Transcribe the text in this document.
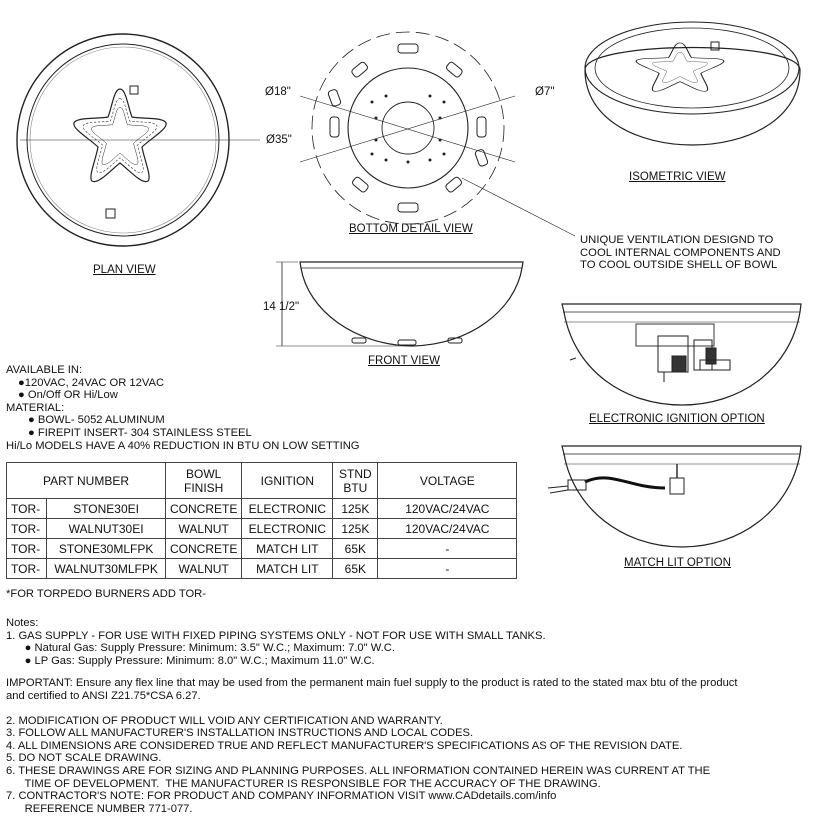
PLAN VIEW
BOTTOM DETAIL VIEW
ISOMETRIC VIEW
FRONT VIEW
ELECTRONIC IGNITION OPTION
MATCH LIT OPTION
Ø18"	Ø7"
Ø35"
14 1/2"
UNIQUE VENTILATION DESIGND TO
COOL INTERNAL COMPONENTS AND
TO COOL OUTSIDE SHELL OF BOWL
AVAILABLE IN:
●120VAC, 24VAC OR 12VAC
● On/Off OR Hi/Low
MATERIAL:
● BOWL- 5052 ALUMINUM
● FIREPIT INSERT- 304 STAINLESS STEEL
Hi/Lo MODELS HAVE A 40% REDUCTION IN BTU ON LOW SETTING
PART NUMBER		BOWL FINISH	IGNITION	STND BTU	VOLTAGE
TOR-	STONE30EI	CONCRETE	ELECTRONIC	125K	120VAC/24VAC
TOR-	WALNUT30EI	WALNUT	ELECTRONIC	125K	120VAC/24VAC
TOR-	STONE30MLFPK	CONCRETE	MATCH LIT	65K	-
TOR-	WALNUT30MLFPK	WALNUT	MATCH LIT	65K	-
*FOR TORPEDO BURNERS ADD TOR-
Notes:
1. GAS SUPPLY - FOR USE WITH FIXED PIPING SYSTEMS ONLY - NOT FOR USE WITH SMALL TANKS.
● Natural Gas: Supply Pressure: Minimum: 3.5" W.C.; Maximum: 7.0" W.C.
● LP Gas: Supply Pressure: Minimum: 8.0" W.C.; Maximum 11.0" W.C.
IMPORTANT: Ensure any flex line that may be used from the permanent main fuel supply to the product is rated to the stated max btu of the product
and certified to ANSI Z21.75*CSA 6.27.
2. MODIFICATION OF PRODUCT WILL VOID ANY CERTIFICATION AND WARRANTY.
3. FOLLOW ALL MANUFACTURER'S INSTALLATION INSTRUCTIONS AND LOCAL CODES.
4. ALL DIMENSIONS ARE CONSIDERED TRUE AND REFLECT MANUFACTURER'S SPECIFICATIONS AS OF THE REVISION DATE.
5. DO NOT SCALE DRAWING.
6. THESE DRAWINGS ARE FOR SIZING AND PLANNING PURPOSES. ALL INFORMATION CONTAINED HEREIN WAS CURRENT AT THE
TIME OF DEVELOPMENT.  THE MANUFACTURER IS RESPONSIBLE FOR THE ACCURACY OF THE DRAWING.
7. CONTRACTOR'S NOTE: FOR PRODUCT AND COMPANY INFORMATION VISIT www.CADdetails.com/info
REFERENCE NUMBER 771-077.
